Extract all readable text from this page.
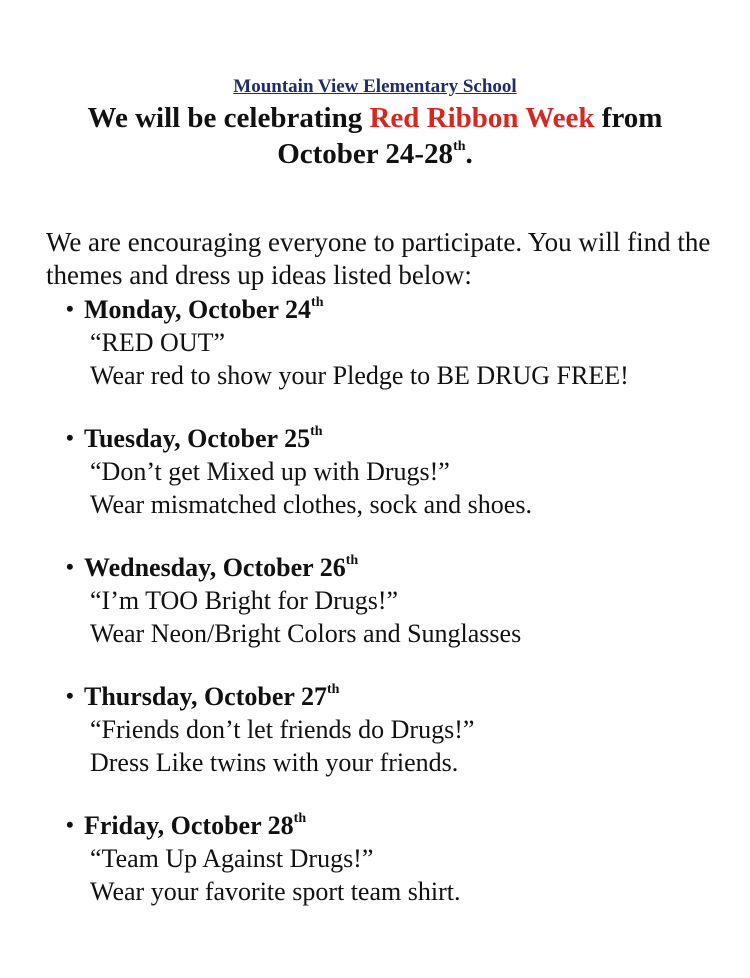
Mountain View Elementary School
We will be celebrating Red Ribbon Week from
October 24-28th.
We are encouraging everyone to participate. You will find the themes and dress up ideas listed below:
• Monday, October 24th
“RED OUT”
Wear red to show your Pledge to BE DRUG FREE!
• Tuesday, October 25th
“Don’t get Mixed up with Drugs!”
Wear mismatched clothes, sock and shoes.
• Wednesday, October 26th
“I’m TOO Bright for Drugs!”
Wear Neon/Bright Colors and Sunglasses
• Thursday, October 27th
“Friends don’t let friends do Drugs!”
Dress Like twins with your friends.
• Friday, October 28th
“Team Up Against Drugs!”
Wear your favorite sport team shirt.
